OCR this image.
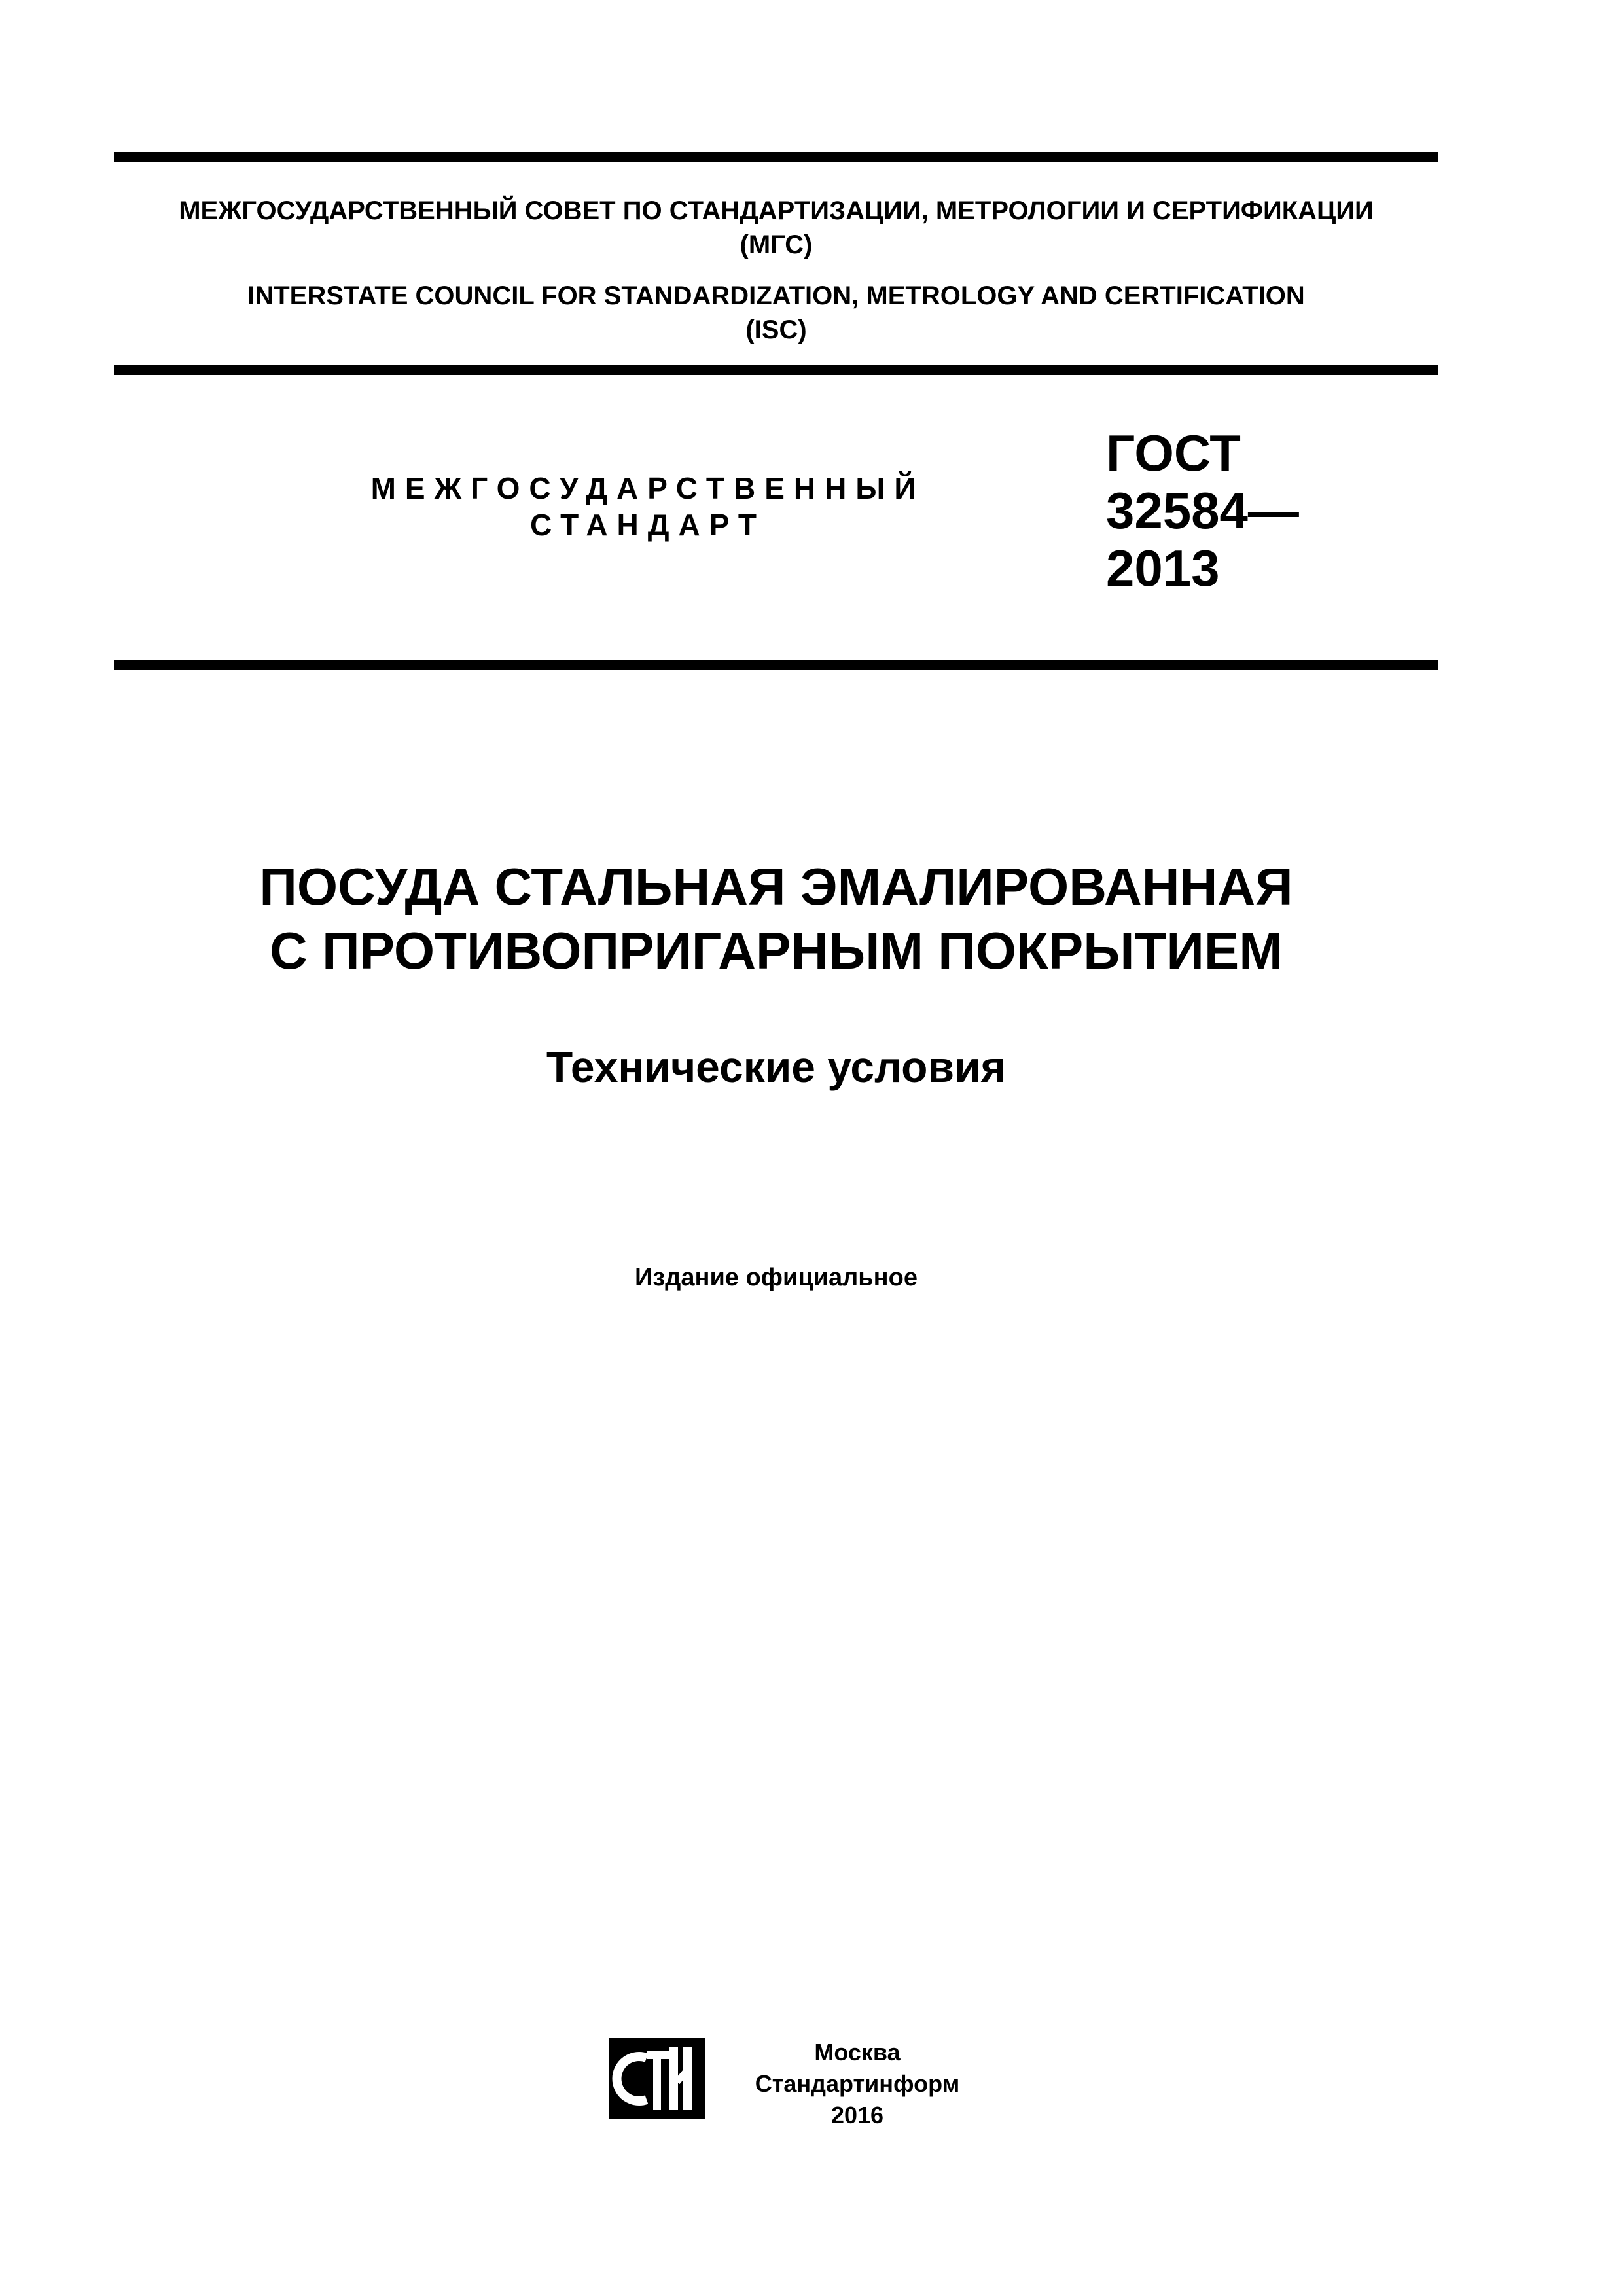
МЕЖГОСУДАРСТВЕННЫЙ СОВЕТ ПО СТАНДАРТИЗАЦИИ, МЕТРОЛОГИИ И СЕРТИФИКАЦИИ
(МГС)
INTERSTATE COUNCIL FOR STANDARDIZATION, METROLOGY AND CERTIFICATION
(ISC)
МЕЖГОСУДАРСТВЕННЫЙ
СТАНДАРТ
ГОСТ
32584—
2013
ПОСУДА СТАЛЬНАЯ ЭМАЛИРОВАННАЯ
С ПРОТИВОПРИГАРНЫМ ПОКРЫТИЕМ
Технические условия
Издание официальное
Москва
Стандартинформ
2016
